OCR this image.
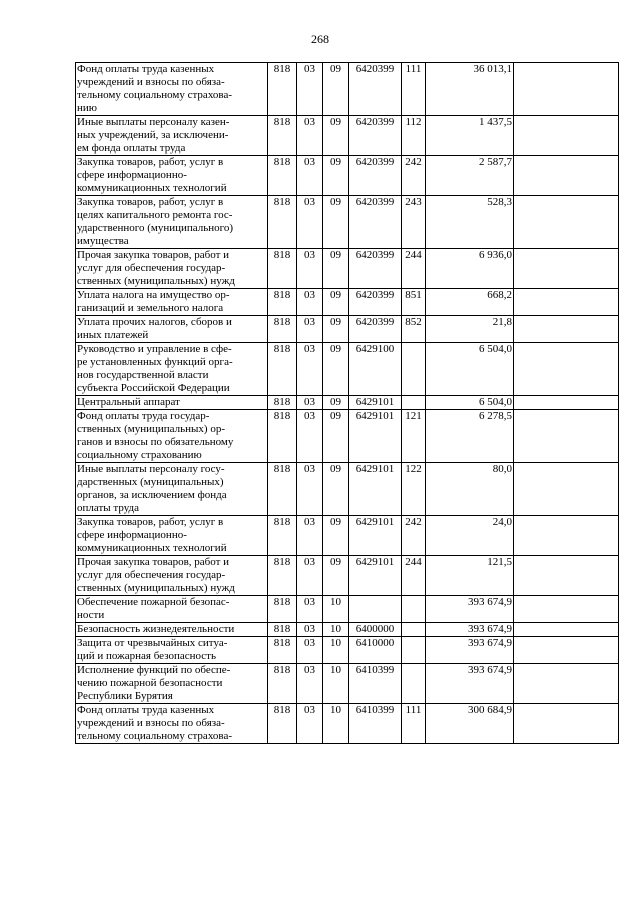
268
Фонд оплаты труда казенных
учреждений и взносы по обяза-
тельному социальному страхова-
нию	818	03	09	6420399	111	36 013,1	

Иные выплаты персоналу казен-
ных учреждений, за исключени-
ем фонда оплаты труда	818	03	09	6420399	112	1 437,5	

Закупка товаров, работ, услуг в
сфере информационно-
коммуникационных технологий	818	03	09	6420399	242	2 587,7	

Закупка товаров, работ, услуг в
целях капитального ремонта гос-
ударственного (муниципального)
имущества	818	03	09	6420399	243	528,3	

Прочая закупка товаров, работ и
услуг для обеспечения государ-
ственных (муниципальных) нужд	818	03	09	6420399	244	6 936,0	

Уплата налога на имущество ор-
ганизаций и земельного налога	818	03	09	6420399	851	668,2	

Уплата прочих налогов, сборов и
иных платежей	818	03	09	6420399	852	21,8	

Руководство и управление в сфе-
ре установленных функций орга-
нов государственной власти
субъекта Российской Федерации	818	03	09	6429100		6 504,0	

Центральный аппарат	818	03	09	6429101		6 504,0	

Фонд оплаты труда государ-
ственных (муниципальных) ор-
ганов и взносы по обязательному
социальному страхованию	818	03	09	6429101	121	6 278,5	

Иные выплаты персоналу госу-
дарственных (муниципальных)
органов, за исключением фонда
оплаты труда	818	03	09	6429101	122	80,0	

Закупка товаров, работ, услуг в
сфере информационно-
коммуникационных технологий	818	03	09	6429101	242	24,0	

Прочая закупка товаров, работ и
услуг для обеспечения государ-
ственных (муниципальных) нужд	818	03	09	6429101	244	121,5	

Обеспечение пожарной безопас-
ности	818	03	10			393 674,9	

Безопасность жизнедеятельности	818	03	10	6400000		393 674,9	

Защита от чрезвычайных ситуа-
ций и пожарная безопасность	818	03	10	6410000		393 674,9	

Исполнение функций по обеспе-
чению пожарной безопасности
Республики Бурятия	818	03	10	6410399		393 674,9	

Фонд оплаты труда казенных
учреждений и взносы по обяза-
тельному социальному страхова-	818	03	10	6410399	111	300 684,9	
